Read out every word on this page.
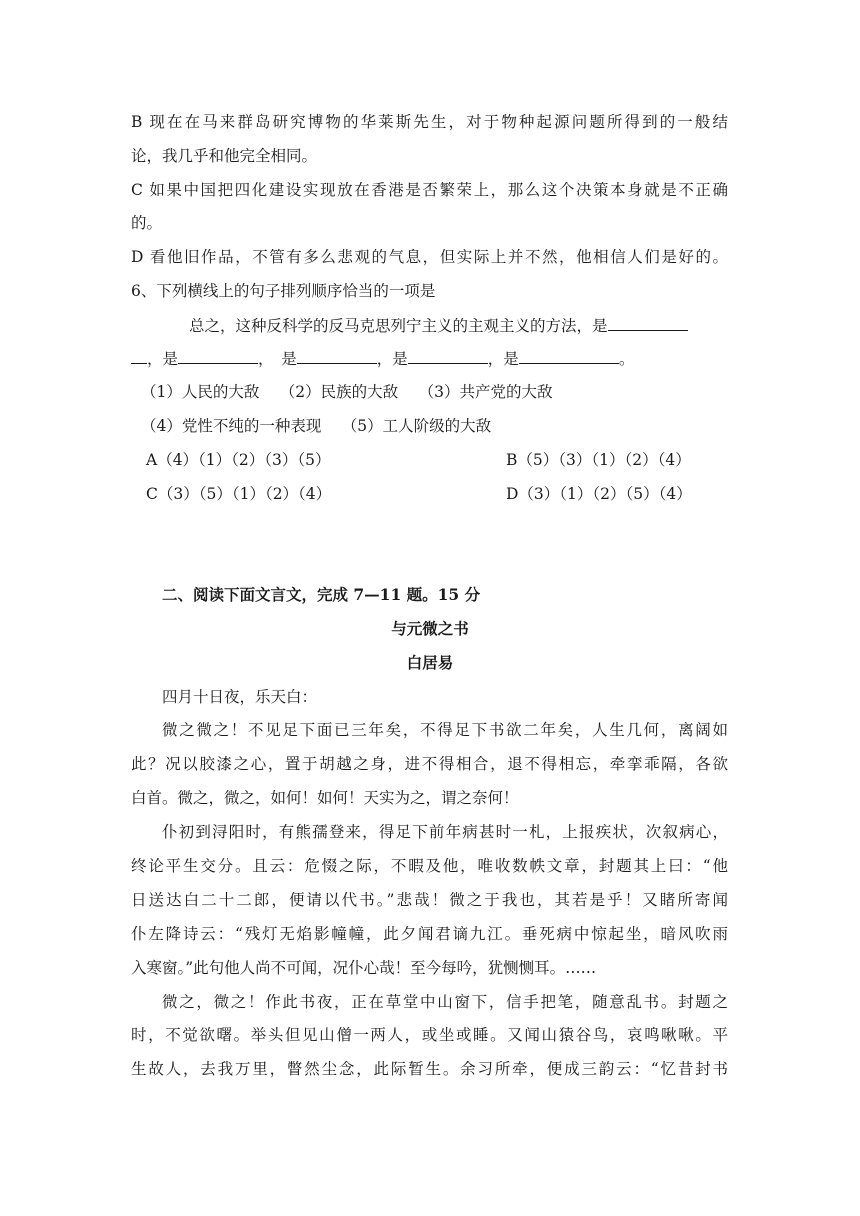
B 现在在马来群岛研究博物的华莱斯先生，对于物种起源问题所得到的一般结
论，我几乎和他完全相同。
C 如果中国把四化建设实现放在香港是否繁荣上，那么这个决策本身就是不正确
的。
D 看他旧作品，不管有多么悲观的气息，但实际上并不然，他相信人们是好的。
6、下列横线上的句子排列顺序恰当的一项是
总之，这种反科学的反马克思列宁主义的主观主义的方法，是
，是	，　是	，是	，是	。
（1）人民的大敌　 （2）民族的大敌　 （3）共产党的大敌
（4）党性不纯的一种表现　 （5）工人阶级的大敌
A（4）（1）（2）（3）（5）	B（5）（3）（1）（2）（4）
C（3）（5）（1）（2）（4）	D（3）（1）（2）（5）（4）
二、阅读下面文言文，完成 7—11 题。15 分
与元微之书
白居易
四月十日夜，乐天白：
微之微之！不见足下面已三年矣，不得足下书欲二年矣，人生几何，离阔如
此？况以胶漆之心，置于胡越之身，进不得相合，退不得相忘，牵挛乖隔，各欲
白首。微之，微之，如何！如何！天实为之，谓之奈何！
仆初到浔阳时，有熊孺登来，得足下前年病甚时一札，上报疾状，次叙病心，
终论平生交分。且云：危惙之际，不暇及他，唯收数帙文章，封题其上曰：“他
日送达白二十二郎，便请以代书。”悲哉！微之于我也，其若是乎！又睹所寄闻
仆左降诗云：“残灯无焰影幢幢，此夕闻君谪九江。垂死病中惊起坐，暗风吹雨
入寒窗。”此句他人尚不可闻，况仆心哉！至今每吟，犹恻恻耳。……
微之，微之！作此书夜，正在草堂中山窗下，信手把笔，随意乱书。封题之
时，不觉欲曙。举头但见山僧一两人，或坐或睡。又闻山猿谷鸟，哀鸣啾啾。平
生故人，去我万里，瞥然尘念，此际暂生。余习所牵，便成三韵云：“忆昔封书
